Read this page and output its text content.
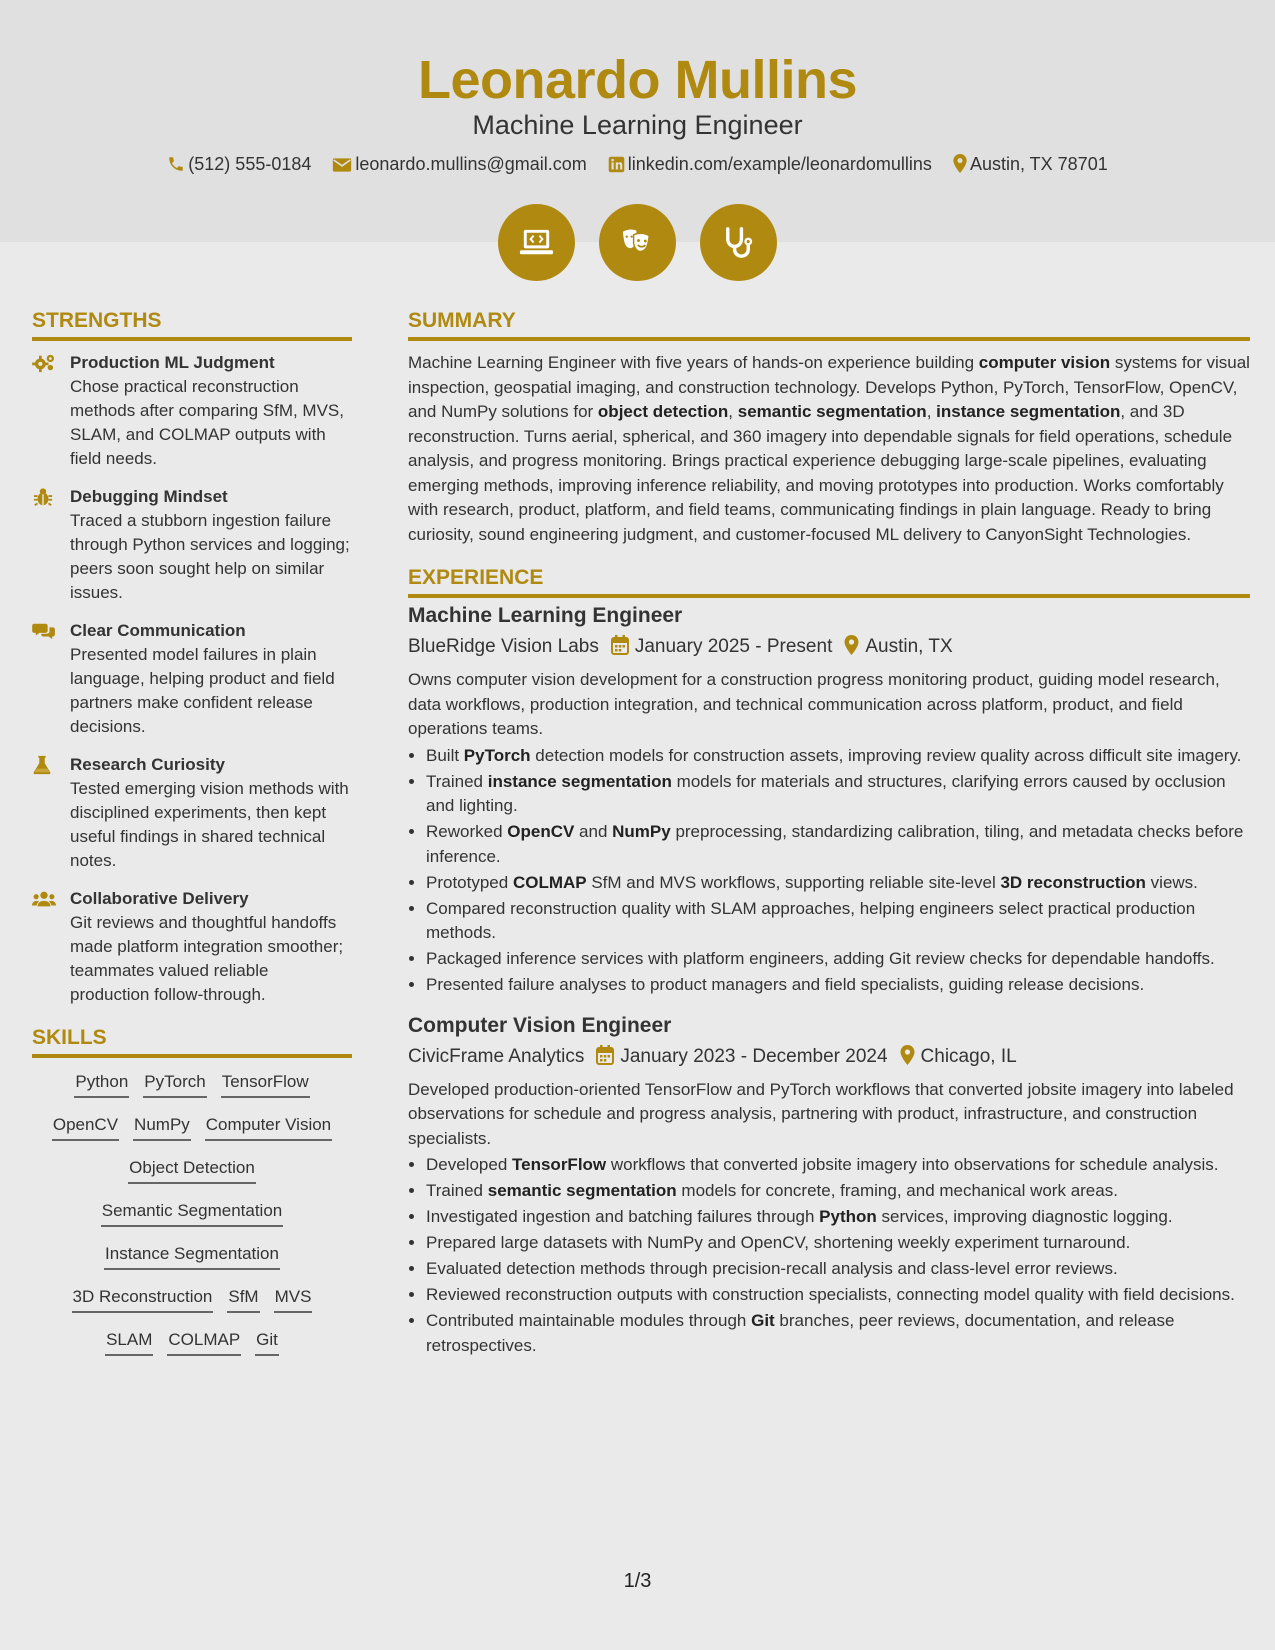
Leonardo Mullins
Machine Learning Engineer
(512) 555-0184 leonardo.mullins@gmail.com linkedin.com/example/leonardomullins Austin, TX 78701

STRENGTHS
Production ML Judgment
Chose practical reconstruction methods after comparing SfM, MVS, SLAM, and COLMAP outputs with field needs.
Debugging Mindset
Traced a stubborn ingestion failure through Python services and logging; peers soon sought help on similar issues.
Clear Communication
Presented model failures in plain language, helping product and field partners make confident release decisions.
Research Curiosity
Tested emerging vision methods with disciplined experiments, then kept useful findings in shared technical notes.
Collaborative Delivery
Git reviews and thoughtful handoffs made platform integration smoother; teammates valued reliable production follow-through.
SKILLS
Python PyTorch TensorFlow
OpenCV NumPy Computer Vision
Object Detection
Semantic Segmentation
Instance Segmentation
3D Reconstruction SfM MVS
SLAM COLMAP Git
SUMMARY
Machine Learning Engineer with five years of hands-on experience building computer vision systems for visual inspection, geospatial imaging, and construction technology. Develops Python, PyTorch, TensorFlow, OpenCV, and NumPy solutions for object detection, semantic segmentation, instance segmentation, and 3D reconstruction. Turns aerial, spherical, and 360 imagery into dependable signals for field operations, schedule analysis, and progress monitoring. Brings practical experience debugging large-scale pipelines, evaluating emerging methods, improving inference reliability, and moving prototypes into production. Works comfortably with research, product, platform, and field teams, communicating findings in plain language. Ready to bring curiosity, sound engineering judgment, and customer-focused ML delivery to CanyonSight Technologies.
EXPERIENCE
Machine Learning Engineer
BlueRidge Vision Labs January 2025 - Present Austin, TX
Owns computer vision development for a construction progress monitoring product, guiding model research, data workflows, production integration, and technical communication across platform, product, and field operations teams.
• Built PyTorch detection models for construction assets, improving review quality across difficult site imagery.
• Trained instance segmentation models for materials and structures, clarifying errors caused by occlusion and lighting.
• Reworked OpenCV and NumPy preprocessing, standardizing calibration, tiling, and metadata checks before inference.
• Prototyped COLMAP SfM and MVS workflows, supporting reliable site-level 3D reconstruction views.
• Compared reconstruction quality with SLAM approaches, helping engineers select practical production methods.
• Packaged inference services with platform engineers, adding Git review checks for dependable handoffs.
• Presented failure analyses to product managers and field specialists, guiding release decisions.
Computer Vision Engineer
CivicFrame Analytics January 2023 - December 2024 Chicago, IL
Developed production-oriented TensorFlow and PyTorch workflows that converted jobsite imagery into labeled observations for schedule and progress analysis, partnering with product, infrastructure, and construction specialists.
• Developed TensorFlow workflows that converted jobsite imagery into observations for schedule analysis.
• Trained semantic segmentation models for concrete, framing, and mechanical work areas.
• Investigated ingestion and batching failures through Python services, improving diagnostic logging.
• Prepared large datasets with NumPy and OpenCV, shortening weekly experiment turnaround.
• Evaluated detection methods through precision-recall analysis and class-level error reviews.
• Reviewed reconstruction outputs with construction specialists, connecting model quality with field decisions.
• Contributed maintainable modules through Git branches, peer reviews, documentation, and release retrospectives.
1/3
